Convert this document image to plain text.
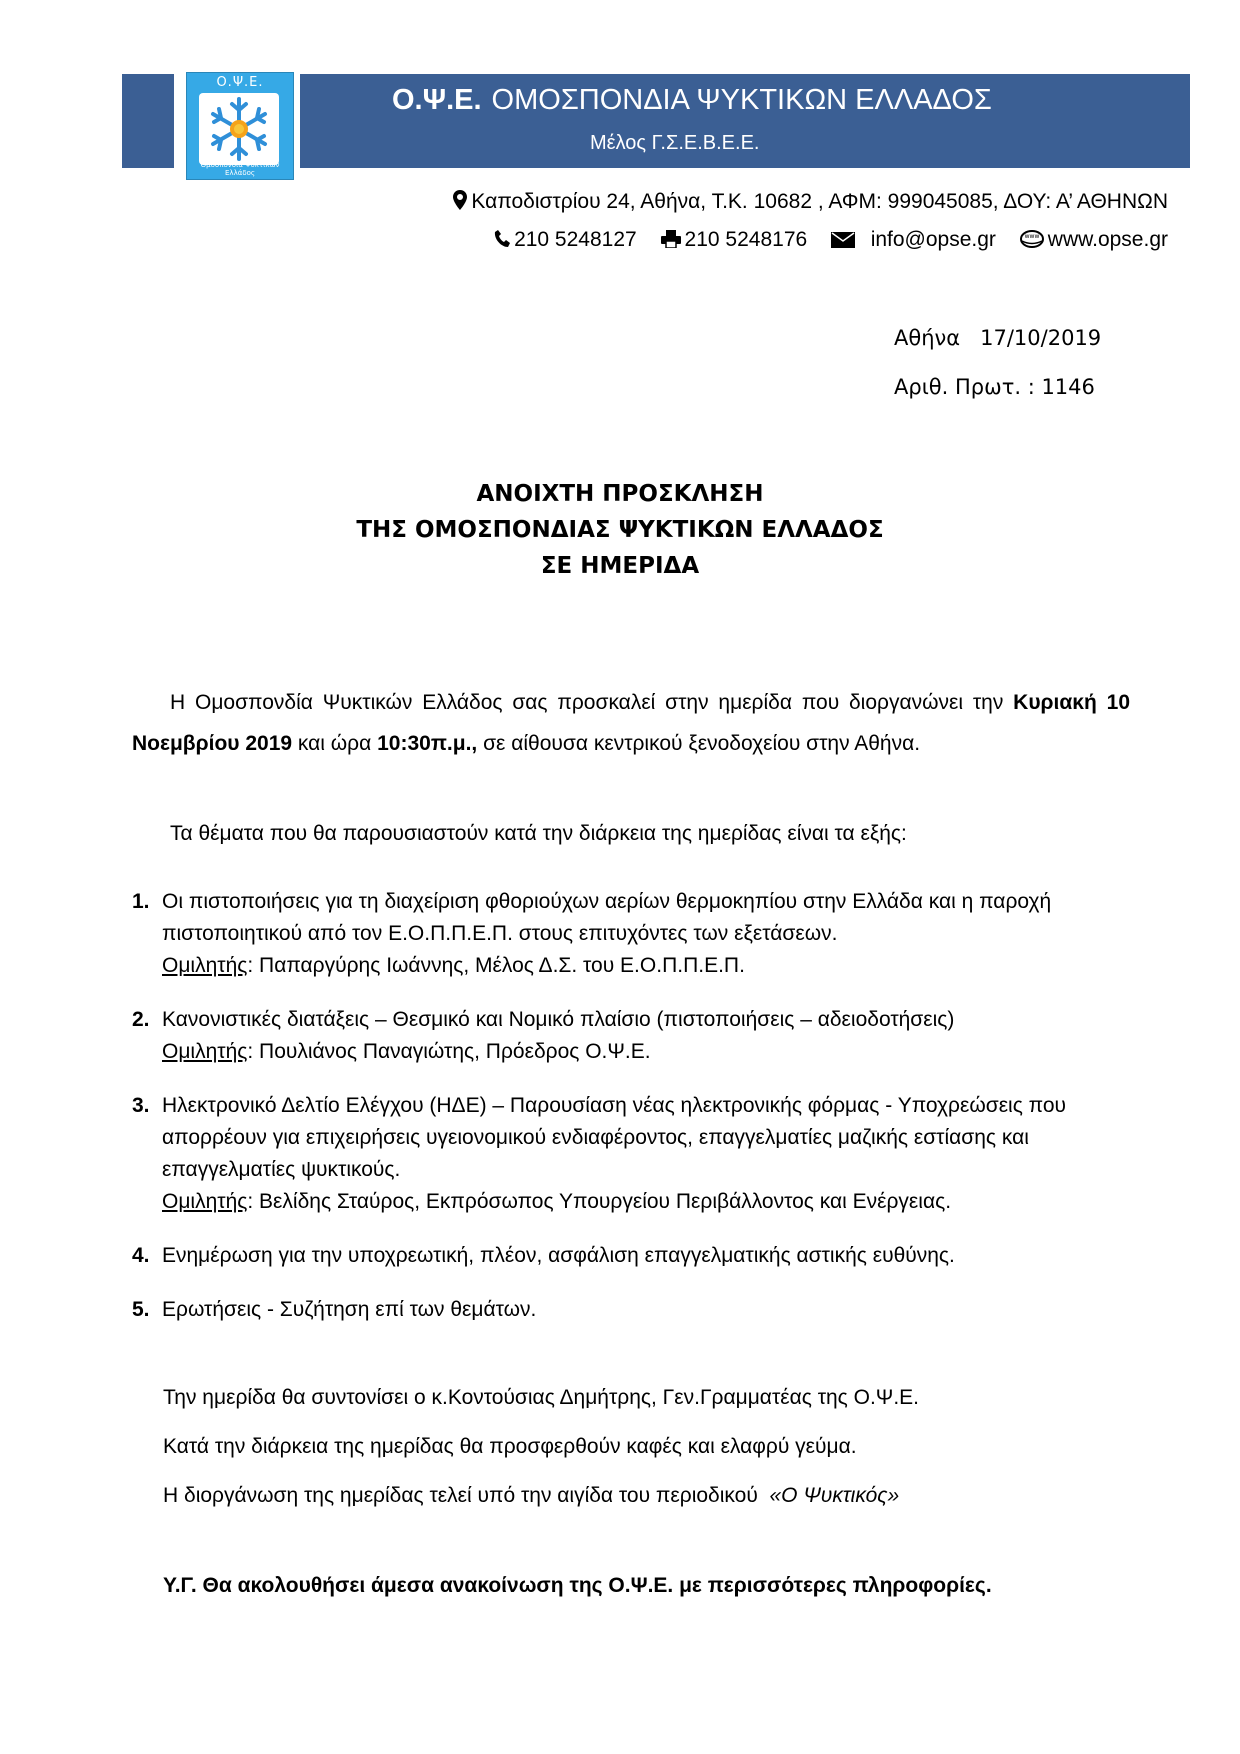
Ο.Ψ.Ε.
Ομοσπονδία Ψυκτικών Ελλάδος
Ο.Ψ.Ε. ΟΜΟΣΠΟΝΔΙΑ ΨΥΚΤΙΚΩΝ ΕΛΛΑΔΟΣ
Μέλος Γ.Σ.Ε.Β.Ε.Ε.
Καποδιστρίου 24, Αθήνα, Τ.Κ. 10682 , ΑΦΜ: 999045085, ΔΟΥ: Α’ ΑΘΗΝΩΝ
210 5248127 210 5248176	info@opse.gr	www www.opse.gr
Αθήνα   17/10/2019
Αριθ. Πρωτ. : 1146
ΑΝΟΙΧΤΗ ΠΡΟΣΚΛΗΣΗ
ΤΗΣ ΟΜΟΣΠΟΝΔΙΑΣ ΨΥΚΤΙΚΩΝ ΕΛΛΑΔΟΣ
ΣΕ ΗΜΕΡΙΔΑ
Η Ομοσπονδία Ψυκτικών Ελλάδος σας προσκαλεί στην ημερίδα που διοργανώνει την Κυριακή 10 Νοεμβρίου 2019 και ώρα 10:30π.μ., σε αίθουσα κεντρικού ξενοδοχείου στην Αθήνα.
Τα θέματα που θα παρουσιαστούν κατά την διάρκεια της ημερίδας είναι τα εξής:
1. Οι πιστοποιήσεις για τη διαχείριση φθοριούχων αερίων θερμοκηπίου στην Ελλάδα και η παροχή πιστοποιητικού από τον Ε.Ο.Π.Π.Ε.Π. στους επιτυχόντες των εξετάσεων.
Ομιλητής: Παπαργύρης Ιωάννης, Μέλος Δ.Σ. του Ε.Ο.Π.Π.Ε.Π.
2. Κανονιστικές διατάξεις – Θεσμικό και Νομικό πλαίσιο (πιστοποιήσεις – αδειοδοτήσεις)
Ομιλητής: Πουλιάνος Παναγιώτης, Πρόεδρος Ο.Ψ.Ε.
3. Ηλεκτρονικό Δελτίο Ελέγχου (ΗΔΕ) – Παρουσίαση νέας ηλεκτρονικής φόρμας - Υποχρεώσεις που απορρέουν για επιχειρήσεις υγειονομικού ενδιαφέροντος, επαγγελματίες μαζικής εστίασης και επαγγελματίες ψυκτικούς.
Ομιλητής: Βελίδης Σταύρος, Εκπρόσωπος Υπουργείου Περιβάλλοντος και Ενέργειας.
4. Ενημέρωση για την υποχρεωτική, πλέον, ασφάλιση επαγγελματικής αστικής ευθύνης.
5. Ερωτήσεις - Συζήτηση επί των θεμάτων.
Την ημερίδα θα συντονίσει ο κ.Κοντούσιας Δημήτρης, Γεν.Γραμματέας της Ο.Ψ.Ε.
Κατά την διάρκεια της ημερίδας θα προσφερθούν καφές και ελαφρύ γεύμα.
Η διοργάνωση της ημερίδας τελεί υπό την αιγίδα του περιοδικού  «Ο Ψυκτικός»
Υ.Γ. Θα ακολουθήσει άμεσα ανακοίνωση της Ο.Ψ.Ε. με περισσότερες πληροφορίες.
